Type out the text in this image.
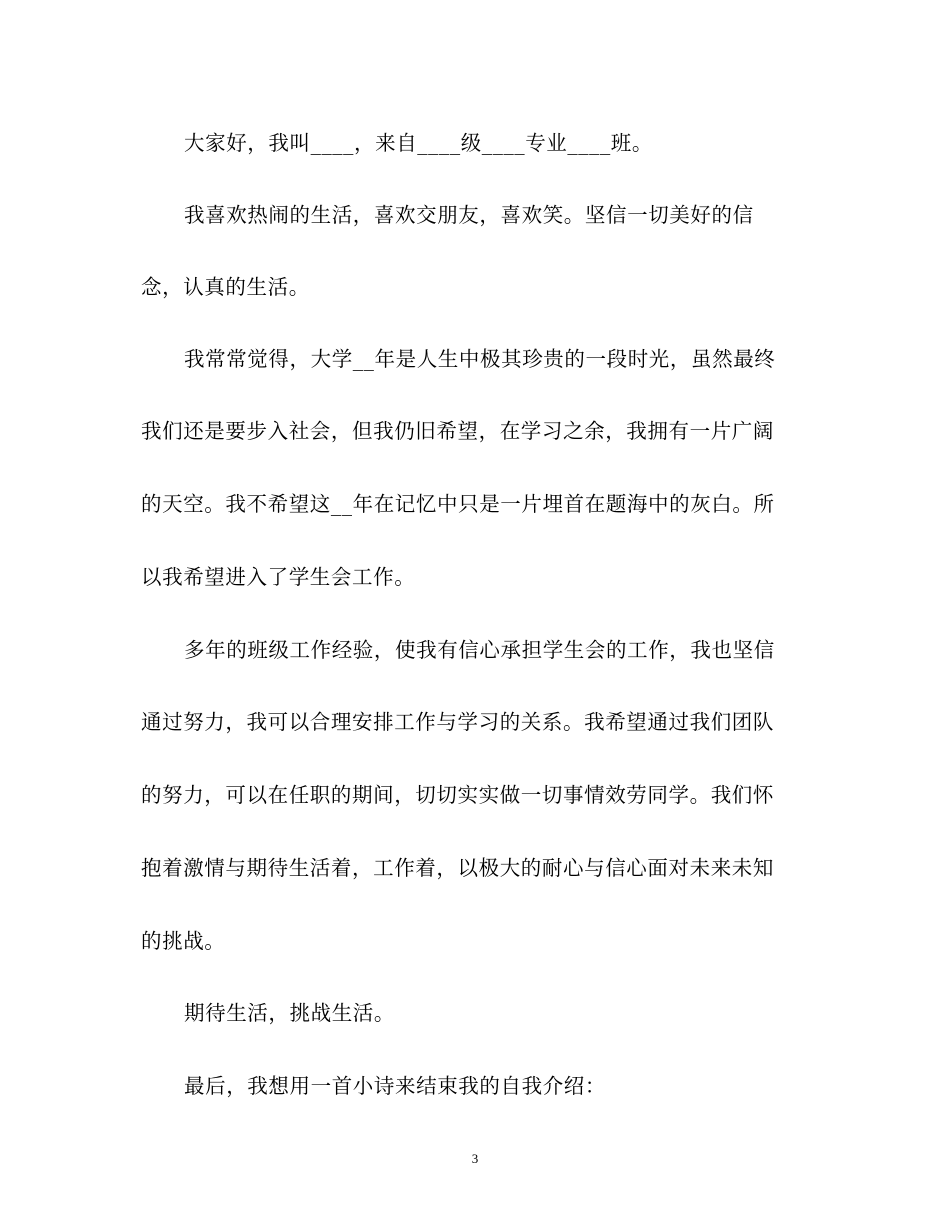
大家好，我叫____，来自____级____专业____班。
我喜欢热闹的生活，喜欢交朋友，喜欢笑。坚信一切美好的信
念，认真的生活。
我常常觉得，大学__年是人生中极其珍贵的一段时光，虽然最终
我们还是要步入社会，但我仍旧希望，在学习之余，我拥有一片广阔
的天空。我不希望这__年在记忆中只是一片埋首在题海中的灰白。所
以我希望进入了学生会工作。
多年的班级工作经验，使我有信心承担学生会的工作，我也坚信
通过努力，我可以合理安排工作与学习的关系。我希望通过我们团队
的努力，可以在任职的期间，切切实实做一切事情效劳同学。我们怀
抱着激情与期待生活着，工作着，以极大的耐心与信心面对未来未知
的挑战。
期待生活，挑战生活。
最后，我想用一首小诗来结束我的自我介绍：
3
